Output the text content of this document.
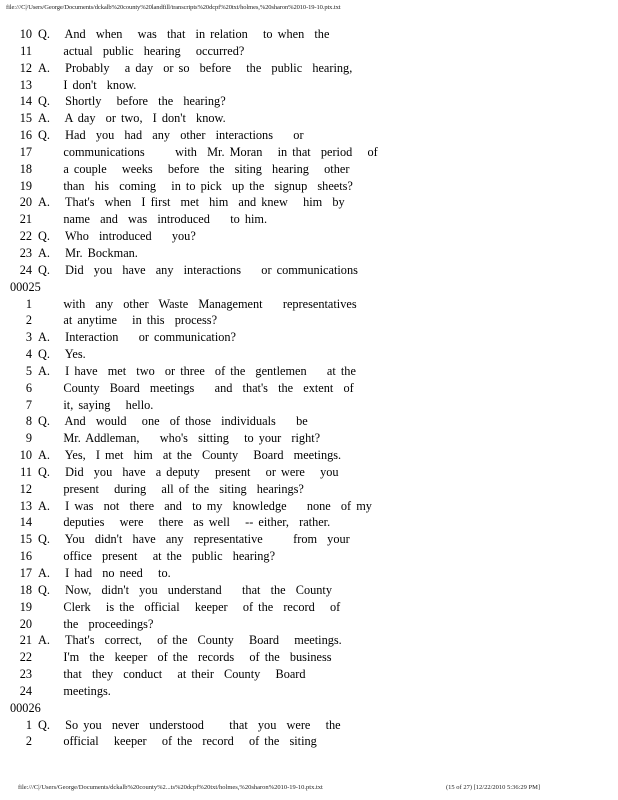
file:///C|/Users/George/Documents/dckalb%20county%20landfill/transcripts%20dcpf%20txt/holmes,%20sharon%2010-19-10.ptx.txt
10 Q.   And  when   was  that  in relation   to when  the
11 actual  public  hearing   occurred?
12 A.   Probably   a day  or so  before   the  public  hearing,
13 I don't  know.
14 Q.   Shortly   before  the  hearing?
15 A.   A day  or two,  I don't  know.
16 Q.   Had  you  had  any  other  interactions    or
17 communications      with  Mr. Moran   in that  period   of
18 a couple   weeks   before  the  siting  hearing   other
19 than  his  coming   in to pick  up the  signup  sheets?
20 A.   That's  when  I first  met  him  and knew   him  by
21 name  and  was  introduced    to him.
22 Q.   Who  introduced    you?
23 A.   Mr. Bockman.
24 Q.   Did  you  have  any  interactions    or communications
00025
1 with  any  other  Waste  Management    representatives
2 at anytime   in this  process?
3 A.   Interaction    or communication?
4 Q.   Yes.
5 A.   I have  met  two  or three  of the  gentlemen    at the
6 County  Board  meetings    and  that's  the  extent  of
7 it, saying   hello.
8 Q.   And  would   one  of those  individuals    be
9 Mr. Addleman,    who's  sitting   to your  right?
10 A.   Yes,  I met  him  at the  County   Board  meetings.
11 Q.   Did  you  have  a deputy   present   or were   you
12 present   during   all of the  siting  hearings?
13 A.   I was  not  there  and  to my  knowledge    none  of my
14 deputies   were   there  as well   -- either,  rather.
15 Q.   You  didn't  have  any  representative      from  your
16 office  present   at the  public  hearing?
17 A.   I had  no need   to.
18 Q.   Now,  didn't  you  understand    that  the  County
19 Clerk   is the  official   keeper   of the  record   of
20 the  proceedings?
21 A.   That's  correct,   of the  County   Board   meetings.
22 I'm  the  keeper  of the  records   of the  business
23 that  they  conduct   at their  County   Board
24 meetings.
00026
1 Q.   So you  never  understood     that  you  were   the
2 official   keeper   of the  record   of the  siting
file:///C|/Users/George/Documents/dckalb%20county%2...ts%20dcpf%20txt/holmes,%20sharon%2010-19-10.ptx.txt	(15 of 27) [12/22/2010 5:36:29 PM]
